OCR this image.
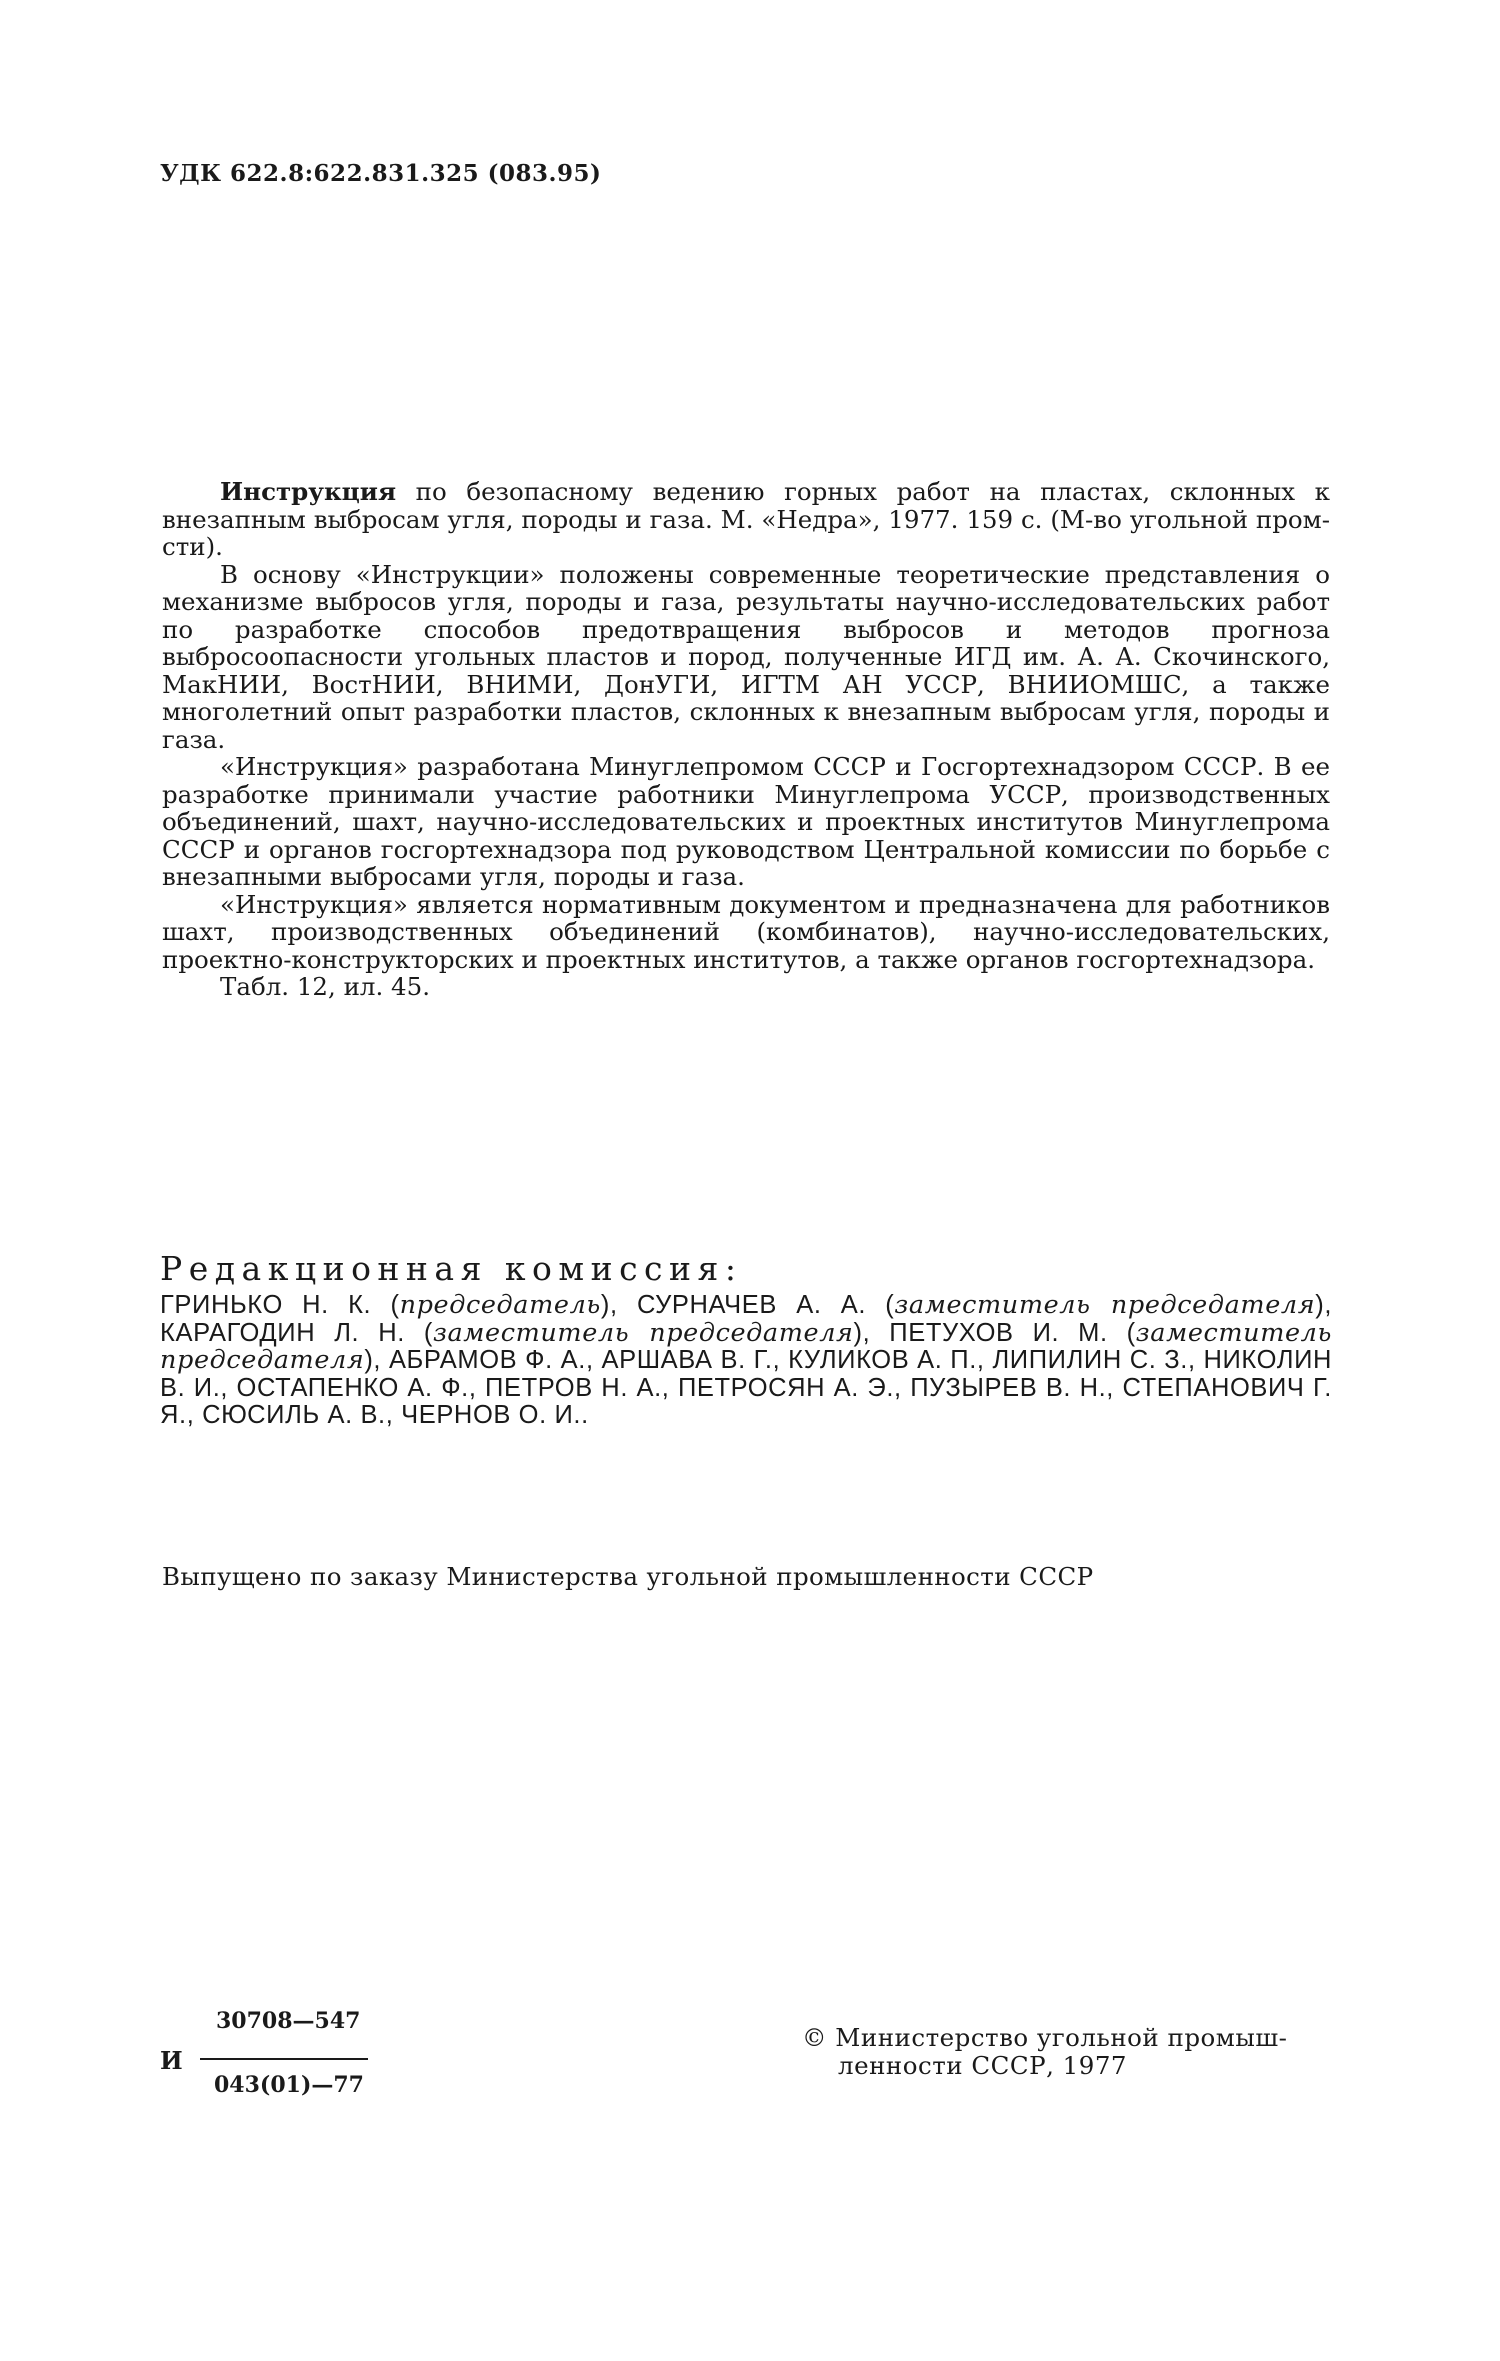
УДК 622.8:622.831.325 (083.95)

Инструкция по безопасному ведению горных работ на пластах, склонных к внезапным выбросам угля, породы и газа. М. «Недра», 1977. 159 с. (М-во угольной пром-сти).

В основу «Инструкции» положены современные теоретические представления о механизме выбросов угля, породы и газа, результаты научно-исследовательских работ по разработке способов предотвращения выбросов и методов прогноза выбросоопасности угольных пластов и пород, полученные ИГД им. А. А. Скочинского, МакНИИ, ВостНИИ, ВНИМИ, ДонУГИ, ИГТМ АН УССР, ВНИИОМШС, а также многолетний опыт разработки пластов, склонных к внезапным выбросам угля, породы и газа.

«Инструкция» разработана Минуглепромом СССР и Госгортехнадзором СССР. В ее разработке принимали участие работники Минуглепрома УССР, производственных объединений, шахт, научно-исследовательских и проектных институтов Минуглепрома СССР и органов госгортехнадзора под руководством Центральной комиссии по борьбе с внезапными выбросами угля, породы и газа.

«Инструкция» является нормативным документом и предназначена для работников шахт, производственных объединений (комбинатов), научно-исследовательских, проектно-конструкторских и проектных институтов, а также органов госгортехнадзора.

Табл. 12, ил. 45.

Редакционная комиссия:

ГРИНЬКО Н. К. (председатель), СУРНАЧЕВ А. А. (заместитель председателя), КАРАГОДИН Л. Н. (заместитель председателя), ПЕТУХОВ И. М. (заместитель председателя), АБРАМОВ Ф. А., АРШАВА В. Г., КУЛИКОВ А. П., ЛИПИЛИН С. З., НИКОЛИН В. И., ОСТАПЕНКО А. Ф., ПЕТРОВ Н. А., ПЕТРОСЯН А. Э., ПУЗЫРЕВ В. Н., СТЕПАНОВИЧ Г. Я., СЮСИЛЬ А. В., ЧЕРНОВ О. И..

Выпущено по заказу Министерства угольной промышленности СССР
И
30708—547
043(01)—77
© Министерство угольной промыш-
ленности СССР, 1977
